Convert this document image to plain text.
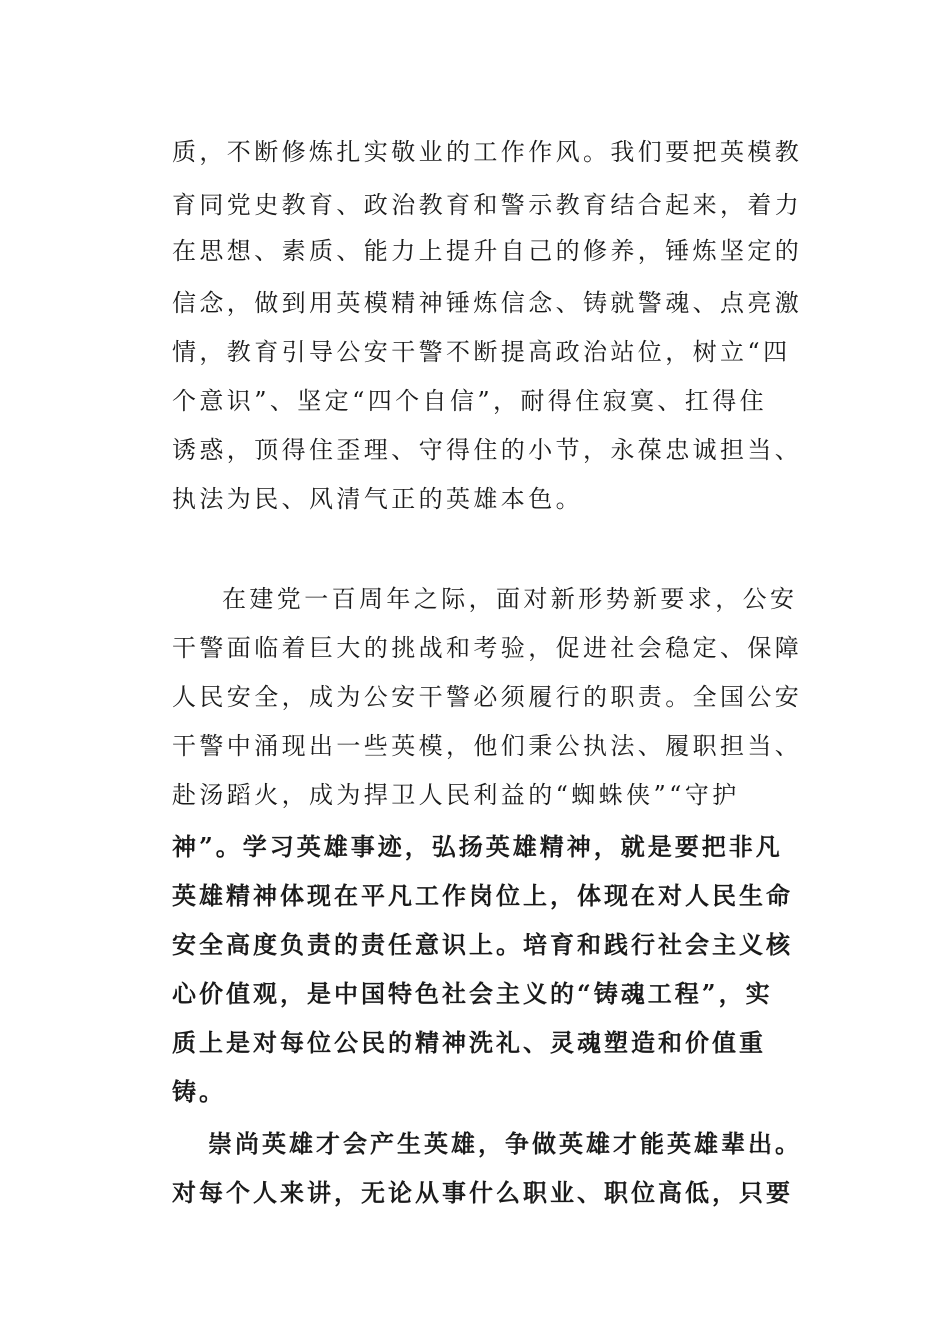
质，不断修炼扎实敬业的工作作风。我们要把英模教
育同党史教育、政治教育和警示教育结合起来，着力
在思想、素质、能力上提升自己的修养，锤炼坚定的
信念，做到用英模精神锤炼信念、铸就警魂、点亮激
情，教育引导公安干警不断提高政治站位，树立“四
个意识”、坚定“四个自信”，耐得住寂寞、扛得住
诱惑，顶得住歪理、守得住的小节，永葆忠诚担当、
执法为民、风清气正的英雄本色。
在建党一百周年之际，面对新形势新要求，公安
干警面临着巨大的挑战和考验，促进社会稳定、保障
人民安全，成为公安干警必须履行的职责。全国公安
干警中涌现出一些英模，他们秉公执法、履职担当、
赴汤蹈火，成为捍卫人民利益的“蜘蛛侠”“守护
神”。学习英雄事迹，弘扬英雄精神，就是要把非凡
英雄精神体现在平凡工作岗位上，体现在对人民生命
安全高度负责的责任意识上。培育和践行社会主义核
心价值观，是中国特色社会主义的“铸魂工程”，实
质上是对每位公民的精神洗礼、灵魂塑造和价值重
铸。
崇尚英雄才会产生英雄，争做英雄才能英雄辈出。
对每个人来讲，无论从事什么职业、职位高低，只要
